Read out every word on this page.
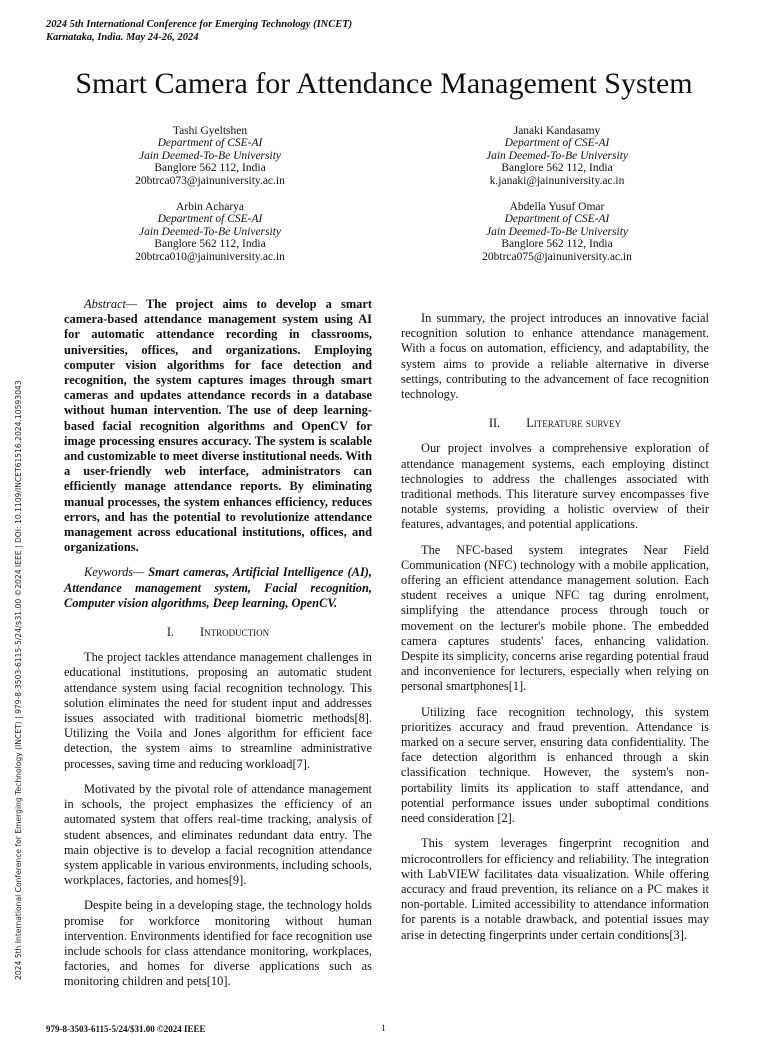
2024 5th International Conference for Emerging Technology (INCET)
Karnataka, India. May 24-26, 2024
Smart Camera for Attendance Management System
Tashi Gyeltshen
Department of CSE-AI
Jain Deemed-To-Be University
Banglore 562 112, India
20btrca073@jainuniversity.ac.in
Janaki Kandasamy
Department of CSE-AI
Jain Deemed-To-Be University
Banglore 562 112, India
k.janaki@jainuniversity.ac.in
Arbin Acharya
Department of CSE-AI
Jain Deemed-To-Be University
Banglore 562 112, India
20btrca010@jainuniversity.ac.in
Abdella Yusuf Omar
Department of CSE-AI
Jain Deemed-To-Be University
Banglore 562 112, India
20btrca075@jainuniversity.ac.in

Abstract— The project aims to develop a smart camera-based attendance management system using AI for automatic attendance recording in classrooms, universities, offices, and organizations. Employing computer vision algorithms for face detection and recognition, the system captures images through smart cameras and updates attendance records in a database without human intervention. The use of deep learning-based facial recognition algorithms and OpenCV for image processing ensures accuracy. The system is scalable and customizable to meet diverse institutional needs. With a user-friendly web interface, administrators can efficiently manage attendance reports. By eliminating manual processes, the system enhances efficiency, reduces errors, and has the potential to revolutionize attendance management across educational institutions, offices, and organizations.

Keywords— Smart cameras, Artificial Intelligence (AI), Attendance management system, Facial recognition, Computer vision algorithms, Deep learning, OpenCV.

I. Introduction

The project tackles attendance management challenges in educational institutions, proposing an automatic student attendance system using facial recognition technology. This solution eliminates the need for student input and addresses issues associated with traditional biometric methods[8]. Utilizing the Voila and Jones algorithm for efficient face detection, the system aims to streamline administrative processes, saving time and reducing workload[7].

Motivated by the pivotal role of attendance management in schools, the project emphasizes the efficiency of an automated system that offers real-time tracking, analysis of student absences, and eliminates redundant data entry. The main objective is to develop a facial recognition attendance system applicable in various environments, including schools, workplaces, factories, and homes[9].

Despite being in a developing stage, the technology holds promise for workforce monitoring without human intervention. Environments identified for face recognition use include schools for class attendance monitoring, workplaces, factories, and homes for diverse applications such as monitoring children and pets[10].

In summary, the project introduces an innovative facial recognition solution to enhance attendance management. With a focus on automation, efficiency, and adaptability, the system aims to provide a reliable alternative in diverse settings, contributing to the advancement of face recognition technology.

II. Literature survey

Our project involves a comprehensive exploration of attendance management systems, each employing distinct technologies to address the challenges associated with traditional methods. This literature survey encompasses five notable systems, providing a holistic overview of their features, advantages, and potential applications.

The NFC-based system integrates Near Field Communication (NFC) technology with a mobile application, offering an efficient attendance management solution. Each student receives a unique NFC tag during enrolment, simplifying the attendance process through touch or movement on the lecturer's mobile phone. The embedded camera captures students' faces, enhancing validation. Despite its simplicity, concerns arise regarding potential fraud and inconvenience for lecturers, especially when relying on personal smartphones[1].

Utilizing face recognition technology, this system prioritizes accuracy and fraud prevention. Attendance is marked on a secure server, ensuring data confidentiality. The face detection algorithm is enhanced through a skin classification technique. However, the system's non-portability limits its application to staff attendance, and potential performance issues under suboptimal conditions need consideration [2].

This system leverages fingerprint recognition and microcontrollers for efficiency and reliability. The integration with LabVIEW facilitates data visualization. While offering accuracy and fraud prevention, its reliance on a PC makes it non-portable. Limited accessibility to attendance information for parents is a notable drawback, and potential issues may arise in detecting fingerprints under certain conditions[3].

979-8-3503-6115-5/24/$31.00 ©2024 IEEE	1
2024 5th International Conference for Emerging Technology (INCET) | 979-8-3503-6115-5/24/$31.00 ©2024 IEEE | DOI: 10.1109/INCET61516.2024.10593043
